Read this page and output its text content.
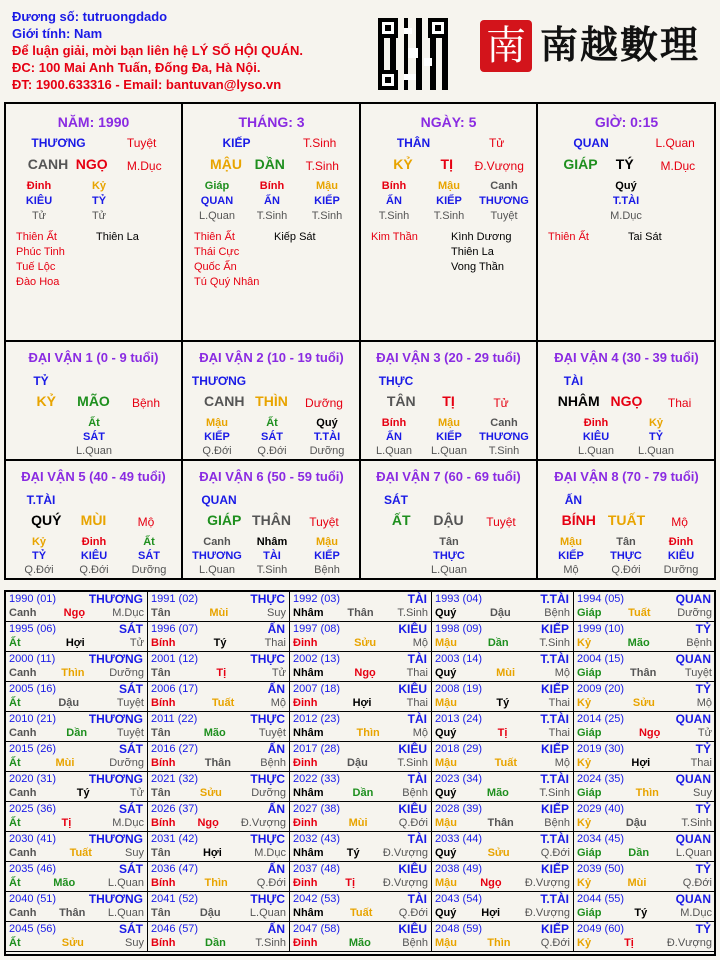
Đương số: tutruongdado
Giới tính: Nam
Để luận giải, mời bạn liên hệ LÝ SỐ HỘI QUÁN.
ĐC: 100 Mai Anh Tuấn, Đống Đa, Hà Nội.
ĐT: 1900.633316 - Email: bantuvan@lyso.vn
南 南越數理
NĂM: 1990
THƯƠNG	Tuyệt
CANH NGỌ	M.Dục
Đinh
KIÊU
Tử
Kỷ
TỶ
Tử
Thiên Ất
Phúc Tinh
Tuế Lộc
Đào Hoa
Thiên La
THÁNG: 3
KIẾP	T.Sinh
MẬU DẦN	T.Sinh
Giáp
QUAN
L.Quan
Bính
ẤN
T.Sinh
Mậu
KIẾP
T.Sinh
Thiên Ất
Thái Cực
Quốc Ấn
Tú Quý Nhân
Kiếp Sát
NGÀY: 5
THÂN	Tử
KỶ	TỊ	Đ.Vượng
Bính
ẤN
T.Sinh
Mậu
KIẾP
T.Sinh
Canh
THƯƠNG
Tuyệt
Kim Thần	Kình Dương
Thiên La
Vong Thần
GIỜ: 0:15
QUAN	L.Quan
GIÁP	TÝ	M.Dục
Quý
T.TÀI
M.Dục
Thiên Ất	Tai Sát
ĐẠI VẬN 1 (0 - 9 tuổi)
TỶ
KỶ	MÃO	Bệnh
Ất
SÁT
L.Quan
ĐẠI VẬN 2 (10 - 19 tuổi)
THƯƠNG
CANH THÌN	Dưỡng
Mậu
KIẾP
Q.Đới
Ất
SÁT
Q.Đới
Quý
T.TÀI
Dưỡng
ĐẠI VẬN 3 (20 - 29 tuổi)
THỰC
TÂN	TỊ	Tử
Bính
ẤN
L.Quan
Mậu
KIẾP
L.Quan
Canh
THƯƠNG
T.Sinh
ĐẠI VẬN 4 (30 - 39 tuổi)
TÀI
NHÂM NGỌ	Thai
Đinh
KIÊU
L.Quan
Kỷ
TỶ
L.Quan
ĐẠI VẬN 5 (40 - 49 tuổi)
T.TÀI
QUÝ	MÙI	Mộ
Kỷ
TỶ
Q.Đới
Đinh
KIÊU
Q.Đới
Ất
SÁT
Dưỡng
ĐẠI VẬN 6 (50 - 59 tuổi)
QUAN
GIÁP THÂN	Tuyệt
Canh
THƯƠNG
L.Quan
Nhâm
TÀI
T.Sinh
Mậu
KIẾP
Bệnh
ĐẠI VẬN 7 (60 - 69 tuổi)
SÁT
ẤT	DẬU	Tuyệt
Tân
THỰC
L.Quan
ĐẠI VẬN 8 (70 - 79 tuổi)
ẤN
BÍNH TUẤT	Mộ
Mậu
KIẾP
Mộ
Tân
THỰC
Q.Đới
Đinh
KIÊU
Dưỡng
1990 (01)	THƯƠNG
Canh Ngọ M.Dục
1991 (02)	THỰC
Tân	Mùi	Suy
1992 (03)	TÀI
Nhâm Thân T.Sinh
1993 (04)	T.TÀI
Quý	Dậu	Bệnh
1994 (05)	QUAN
Giáp Tuất Dưỡng
1995 (06)	SÁT
Ất	Hợi	Tử
1996 (07)	ẤN
Bính	Tý	Thai
1997 (08)	KIÊU
Đinh	Sửu	Mộ
1998 (09)	KIẾP
Mậu	Dần	T.Sinh
1999 (10)	TỶ
Kỷ	Mão	Bệnh
2000 (11)	THƯƠNG
Canh Thìn Dưỡng
2001 (12)	THỰC
Tân	Tị	Tử
2002 (13)	TÀI
Nhâm	Ngọ	Thai
2003 (14)	T.TÀI
Quý	Mùi	Mộ
2004 (15)	QUAN
Giáp	Thân	Tuyệt
2005 (16)	SÁT
Ất	Dậu	Tuyệt
2006 (17)	ẤN
Bính	Tuất	Mộ
2007 (18)	KIÊU
Đinh	Hợi	Thai
2008 (19)	KIẾP
Mậu	Tý	Thai
2009 (20)	TỶ
Kỷ	Sửu	Mộ
2010 (21)	THƯƠNG
Canh	Dần	Tuyệt
2011 (22)	THỰC
Tân	Mão	Tuyệt
2012 (23)	TÀI
Nhâm	Thìn	Mộ
2013 (24)	T.TÀI
Quý	Tị	Thai
2014 (25)	QUAN
Giáp	Ngọ	Tử
2015 (26)	SÁT
Ất	Mùi	Dưỡng
2016 (27)	ẤN
Bính	Thân	Bệnh
2017 (28)	KIÊU
Đinh	Dậu	T.Sinh
2018 (29)	KIẾP
Mậu	Tuất	Mộ
2019 (30)	TỶ
Kỷ	Hợi	Thai
2020 (31)	THƯƠNG
Canh	Tý	Tử
2021 (32)	THỰC
Tân	Sửu	Dưỡng
2022 (33)	TÀI
Nhâm	Dần	Bệnh
2023 (34)	T.TÀI
Quý	Mão	T.Sinh
2024 (35)	QUAN
Giáp	Thìn	Suy
2025 (36)	SÁT
Ất	Tị	M.Dục
2026 (37)	ẤN
Bính Ngọ Đ.Vượng
2027 (38)	KIÊU
Đinh	Mùi	Q.Đới
2028 (39)	KIẾP
Mậu	Thân	Bệnh
2029 (40)	TỶ
Kỷ	Dậu	T.Sinh
2030 (41)	THƯƠNG
Canh	Tuất	Suy
2031 (42)	THỰC
Tân	Hợi	M.Dục
2032 (43)	TÀI
Nhâm Tý Đ.Vượng
2033 (44)	T.TÀI
Quý	Sửu	Q.Đới
2034 (45)	QUAN
Giáp Dần L.Quan
2035 (46)	SÁT
Ất	Mão	L.Quan
2036 (47)	ẤN
Bính	Thìn	Q.Đới
2037 (48)	KIÊU
Đinh	Tị	Đ.Vượng
2038 (49)	KIẾP
Mậu Ngọ Đ.Vượng
2039 (50)	TỶ
Kỷ	Mùi	Q.Đới
2040 (51)	THƯƠNG
Canh Thân L.Quan
2041 (52)	THỰC
Tân	Dậu	L.Quan
2042 (53)	TÀI
Nhâm Tuất Q.Đới
2043 (54)	T.TÀI
Quý Hợi Đ.Vượng
2044 (55)	QUAN
Giáp	Tý	M.Dục
2045 (56)	SÁT
Ất	Sửu	Suy
2046 (57)	ẤN
Bính	Dần	T.Sinh
2047 (58)	KIÊU
Đinh	Mão	Bệnh
2048 (59)	KIẾP
Mậu	Thìn	Q.Đới
2049 (60)	TỶ
Kỷ	Tị	Đ.Vượng
